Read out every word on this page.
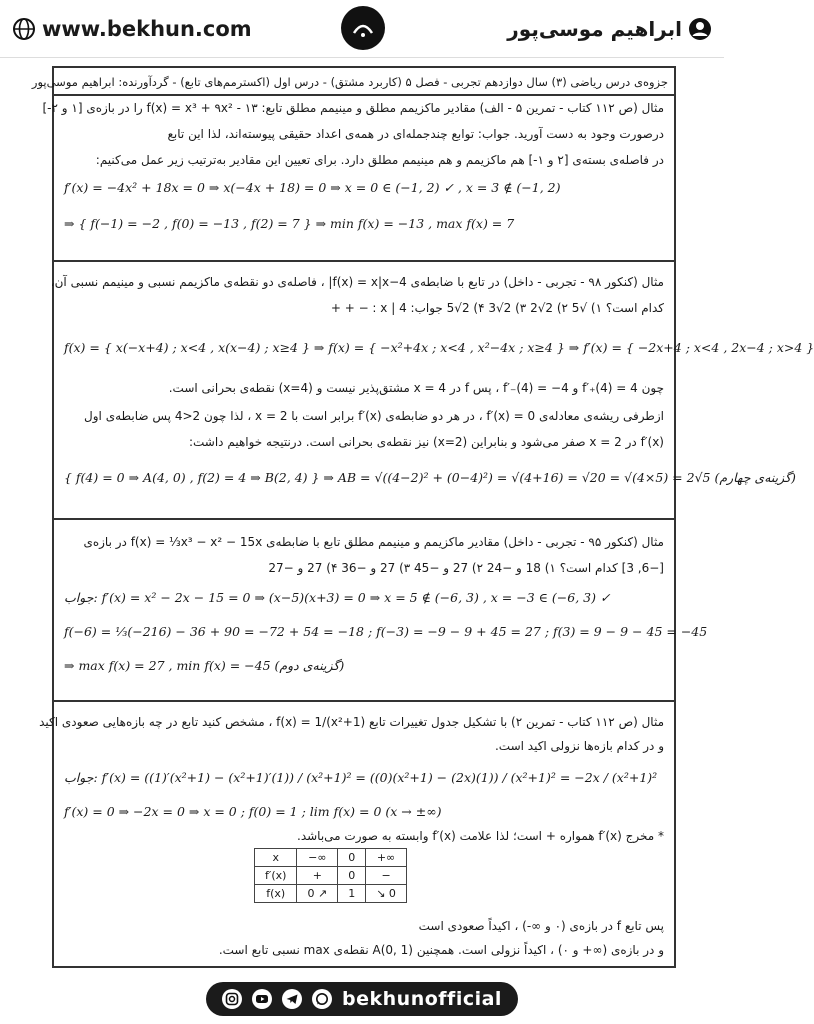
www.bekhun.com	ابراهیم موسی‌پور
جزوه‌ی درس ریاضی (۳) سال دوازدهم تجربی - فصل ۵ (کاربرد مشتق) - درس اول (اکسترمم‌های تابع) - گردآورنده: ابراهیم موسی‌پور
مثال (ص ۱۱۲ کتاب - تمرین ۵ - الف) مقادیر ماکزیمم مطلق و مینیمم مطلق تابع: f(x) = x³ + ۹x² - ۱۳ را در بازه‌ی [۱ و ۲-]
درصورت وجود به دست آورید. جواب: توابع چندجمله‌ای در همه‌ی اعداد حقیقی پیوسته‌اند، لذا این تابع
در فاصله‌ی بسته‌ی [۲ و ۱-] هم ماکزیمم و هم مینیمم مطلق دارد. برای تعیین این مقادیر به‌ترتیب زیر عمل می‌کنیم:
f′(x) = −4x² + 18x = 0 ⇒ x(−4x + 18) = 0 ⇒ x = 0 ∈ (−1, 2) ✓ , x = 3 ∉ (−1, 2)
⇒ { f(−1) = −2 , f(0) = −13 , f(2) = 7 } ⇒ min f(x) = −13 , max f(x) = 7
مثال (کنکور ۹۸ - تجربی - داخل) در تابع با ضابطه‌ی f(x) = x|x−4| ، فاصله‌ی دو نقطه‌ی ماکزیمم نسبی و مینیمم نسبی آن،
کدام است؟ ۱) √5 ۲) 2√2 ۳) 2√3 ۴) 2√5 جواب: x | 4 : − + +
f(x) = { x(−x+4) ; x<4 , x(x−4) ; x≥4 } ⇒ f(x) = { −x²+4x ; x<4 , x²−4x ; x≥4 } ⇒ f′(x) = { −2x+4 ; x<4 , 2x−4 ; x>4 }
چون f′₊(4) = 4 و f′₋(4) = −4 ، پس f در x = 4 مشتق‌پذیر نیست و (x=4) نقطه‌ی بحرانی است.
ازطرفی ریشه‌ی معادله‌ی f′(x) = 0 ، در هر دو ضابطه‌ی f′(x) برابر است با x = 2 ، لذا چون 2<4 پس ضابطه‌ی اول
f′(x) در x = 2 صفر می‌شود و بنابراین (x=2) نیز نقطه‌ی بحرانی است. درنتیجه خواهیم داشت:
{ f(4) = 0 ⇒ A(4, 0) , f(2) = 4 ⇒ B(2, 4) } ⇒ AB = √((4−2)² + (0−4)²) = √(4+16) = √20 = √(4×5) = 2√5 (گزینه‌ی چهارم)
مثال (کنکور ۹۵ - تجربی - داخل) مقادیر ماکزیمم و مینیمم مطلق تابع با ضابطه‌ی f(x) = ⅓x³ − x² − 15x در بازه‌ی
[−6, 3] کدام است؟ ۱) 18 و −24 ۲) 27 و −45 ۳) 27 و −36 ۴) 27 و −27
جواب: f′(x) = x² − 2x − 15 = 0 ⇒ (x−5)(x+3) = 0 ⇒ x = 5 ∉ (−6, 3) , x = −3 ∈ (−6, 3) ✓
f(−6) = ⅓(−216) − 36 + 90 = −72 + 54 = −18 ; f(−3) = −9 − 9 + 45 = 27 ; f(3) = 9 − 9 − 45 = −45
⇒ max f(x) = 27 , min f(x) = −45 (گزینه‌ی دوم)
مثال (ص ۱۱۲ کتاب - تمرین ۲) با تشکیل جدول تغییرات تابع f(x) = 1/(x²+1) ، مشخص کنید تابع در چه بازه‌هایی صعودی اکید
و در کدام بازه‌ها نزولی اکید است.
جواب: f′(x) = ((1)′(x²+1) − (x²+1)′(1)) / (x²+1)² = ((0)(x²+1) − (2x)(1)) / (x²+1)² = −2x / (x²+1)²
f′(x) = 0 ⇒ −2x = 0 ⇒ x = 0 ; f(0) = 1 ; lim f(x) = 0 (x → ±∞)
* مخرج f′(x) همواره + است؛ لذا علامت f′(x) وابسته به صورت می‌باشد.
x	−∞	0	+∞
f′(x)	+	0	−
f(x)	0 ↗	1	↘ 0
پس تابع f در بازه‌ی (۰ و ∞-) ، اکیداً صعودی است
و در بازه‌ی (∞+ و ۰) ، اکیداً نزولی است. همچنین A(0, 1) نقطه‌ی max نسبی تابع است.
bekhunofficial
